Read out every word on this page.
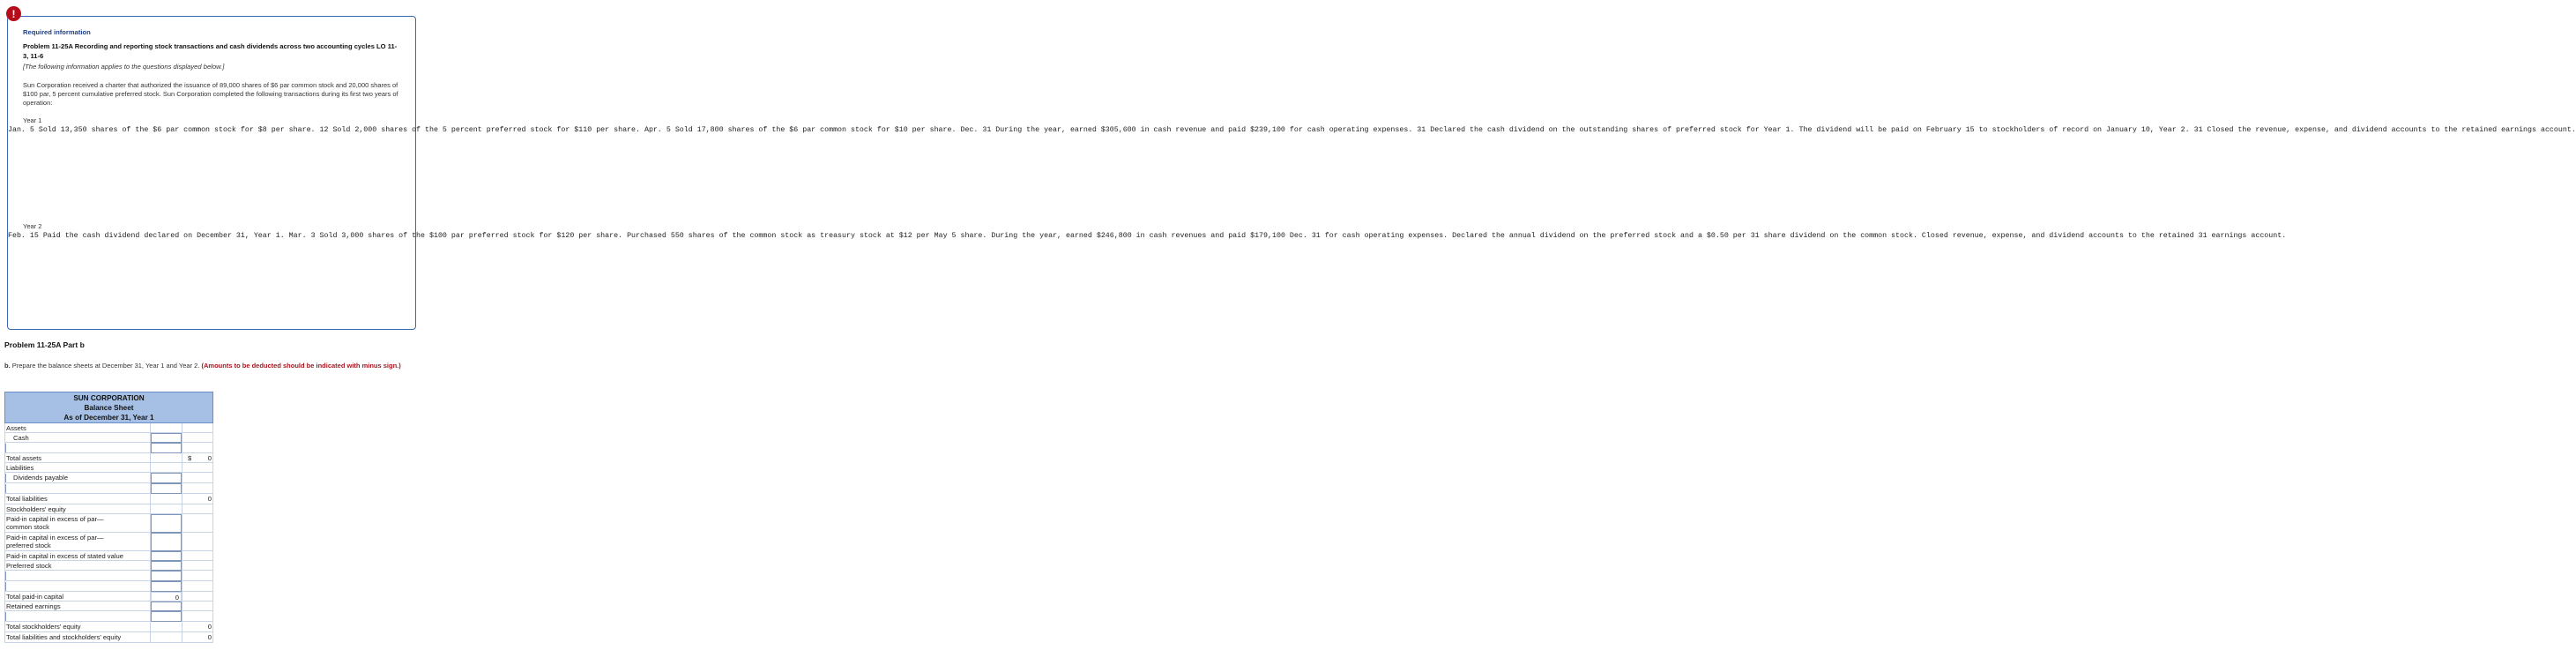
!
Required information
Problem 11-25A Recording and reporting stock transactions and cash dividends across two accounting cycles LO 11-3, 11-6
[The following information applies to the questions displayed below.]
Sun Corporation received a charter that authorized the issuance of 89,000 shares of $6 par common stock and 20,000 shares of $100 par, 5 percent cumulative preferred stock. Sun Corporation completed the following transactions during its first two years of operation:
Year 1
Jan. 5 Sold 13,350 shares of the $6 par common stock for $8 per share. 12 Sold 2,000 shares of the 5 percent preferred stock for $110 per share. Apr. 5 Sold 17,800 shares of the $6 par common stock for $10 per share. Dec. 31 During the year, earned $305,600 in cash revenue and paid $239,100 for cash operating expenses. 31 Declared the cash dividend on the outstanding shares of preferred stock for Year 1. The dividend will be paid on February 15 to stockholders of record on January 10, Year 2. 31 Closed the revenue, expense, and dividend accounts to the retained earnings account.
Year 2
Feb. 15 Paid the cash dividend declared on December 31, Year 1. Mar. 3 Sold 3,000 shares of the $100 par preferred stock for $120 per share. Purchased 550 shares of the common stock as treasury stock at $12 per May 5 share. During the year, earned $246,800 in cash revenues and paid $179,100 Dec. 31 for cash operating expenses. Declared the annual dividend on the preferred stock and a $0.50 per 31 share dividend on the common stock. Closed revenue, expense, and dividend accounts to the retained 31 earnings account.
Problem 11-25A Part b
b. Prepare the balance sheets at December 31, Year 1 and Year 2. (Amounts to be deducted should be indicated with minus sign.)
SUN CORPORATION
Balance Sheet
As of December 31, Year 1
Assets
Cash
Total assets	$ 0
Liabilities
Dividends payable
Total liabilities	0
Stockholders' equity
Paid-in capital in excess of par—common stock
Paid-in capital in excess of par—preferred stock
Paid-in capital in excess of stated value
Preferred stock
Total paid-in capital	0
Retained earnings
Total stockholders' equity	0
Total liabilities and stockholders' equity	0
